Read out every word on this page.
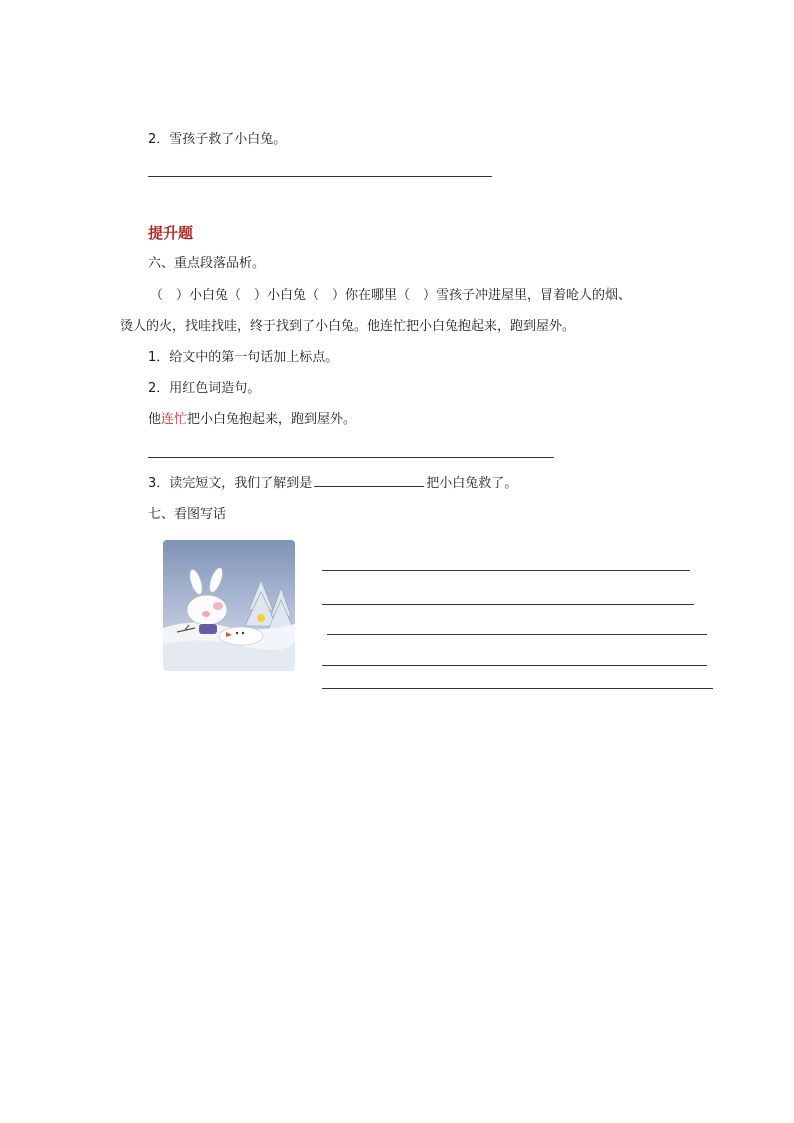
2．雪孩子救了小白兔。
提升题
六、重点段落品析。
（　）小白兔（　）小白兔（　）你在哪里（　）雪孩子冲进屋里，冒着呛人的烟、
烫人的火，找哇找哇，终于找到了小白兔。他连忙把小白兔抱起来，跑到屋外。
1．给文中的第一句话加上标点。
2．用红色词造句。
他连忙把小白兔抱起来，跑到屋外。
3．读完短文，我们了解到是	把小白兔救了。
七、看图写话
